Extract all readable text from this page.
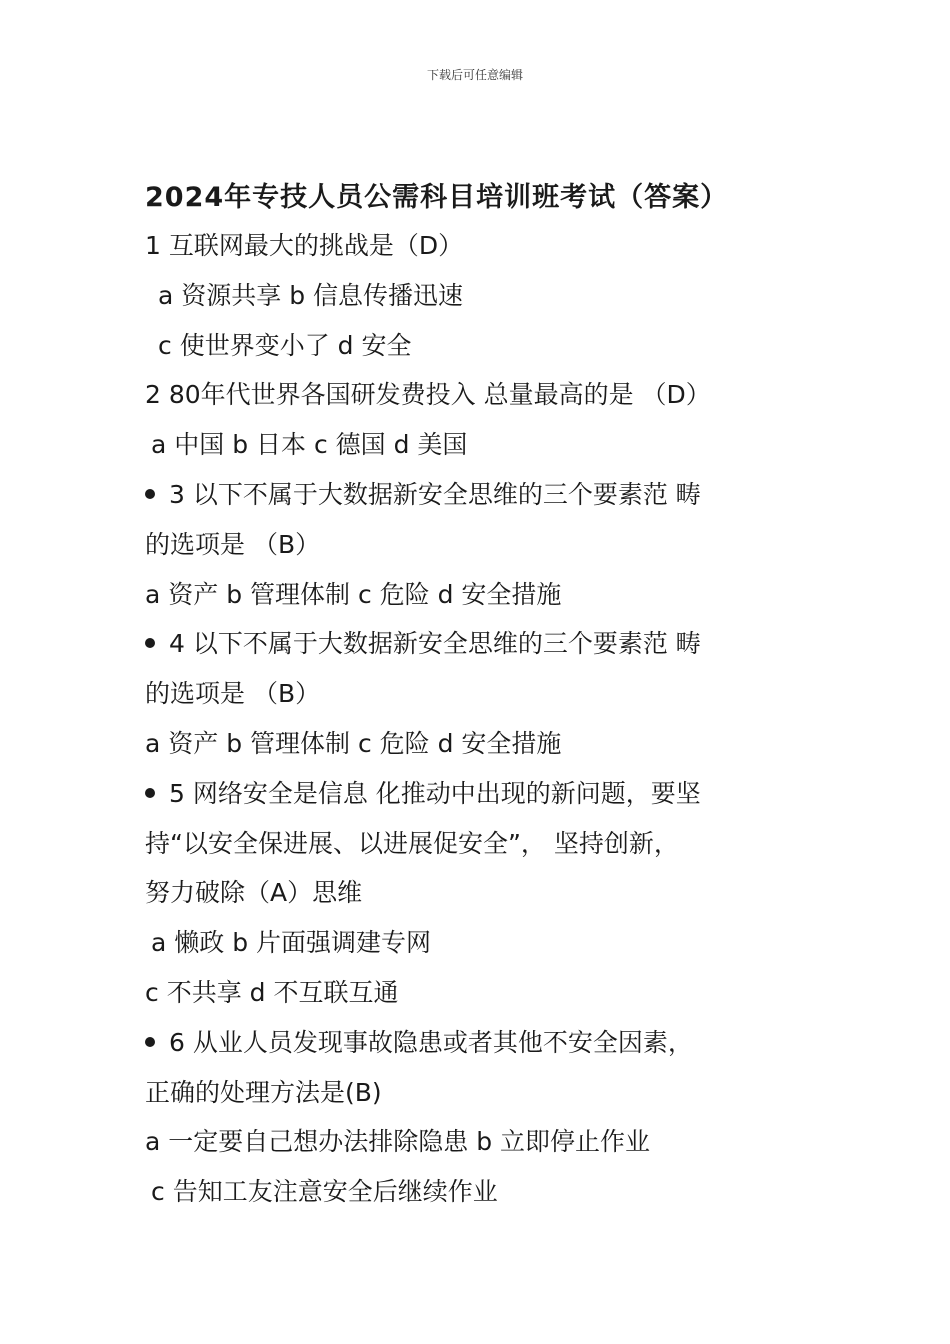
下载后可任意编辑
2024年专技人员公需科目培训班考试（答案）
1 互联网最大的挑战是（D）
a 资源共享 b 信息传播迅速
c 使世界变小了 d 安全
2 80年代世界各国研发费投入 总量最高的是 （D）
a 中国 b 日本 c 德国 d 美国
3 以下不属于大数据新安全思维的三个要素范 畴
的选项是 （B）
a 资产 b 管理体制 c 危险 d 安全措施
4 以下不属于大数据新安全思维的三个要素范 畴
的选项是 （B）
a 资产 b 管理体制 c 危险 d 安全措施
5 网络安全是信息 化推动中出现的新问题，要坚
持“以安全保进展、以进展促安全”， 坚持创新，
努力破除（A）思维
a 懒政 b 片面强调建专网
c 不共享 d 不互联互通
6 从业人员发现事故隐患或者其他不安全因素，
正确的处理方法是(B)
a 一定要自己想办法排除隐患 b 立即停止作业
c 告知工友注意安全后继续作业
